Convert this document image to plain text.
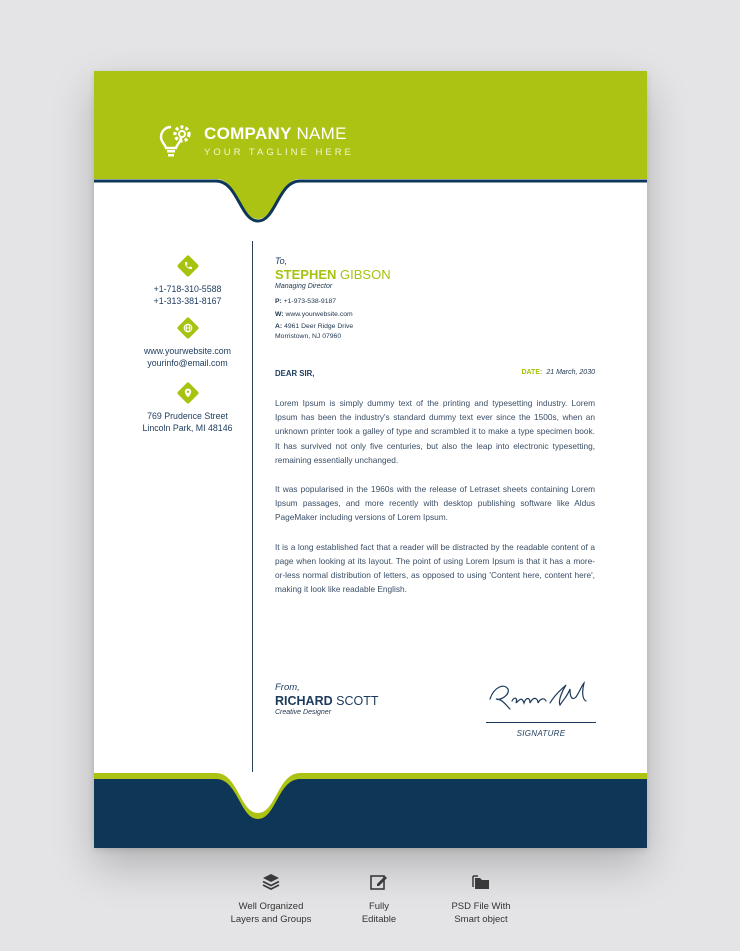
COMPANY NAME
YOUR TAGLINE HERE
+1-718-310-5588
+1-313-381-8167
www.yourwebsite.com
yourinfo@email.com
769 Prudence Street
Lincoln Park, MI 48146
To,
STEPHEN GIBSON
Managing Director
P: +1-973-538-9187
W: www.yourwebsite.com
A: 4961 Deer Ridge Drive
Morristown, NJ 07960
DEAR SIR,	DATE: 21 March, 2030

Lorem Ipsum is simply dummy text of the printing and typesetting industry. Lorem Ipsum has been the industry's standard dummy text ever since the 1500s, when an unknown printer took a galley of type and scrambled it to make a type specimen book. It has survived not only five centuries, but also the leap into electronic typesetting, remaining essentially unchanged.

It was popularised in the 1960s with the release of Letraset sheets containing Lorem Ipsum passages, and more recently with desktop publishing software like Aldus PageMaker including versions of Lorem Ipsum.

It is a long established fact that a reader will be distracted by the readable content of a page when looking at its layout. The point of using Lorem Ipsum is that it has a more-or-less normal distribution of letters, as opposed to using 'Content here, content here', making it look like readable English.

From,
RICHARD SCOTT
Creative Designer
SIGNATURE
Well Organized
Layers and Groups
Fully
Editable
PSD File With
Smart object
